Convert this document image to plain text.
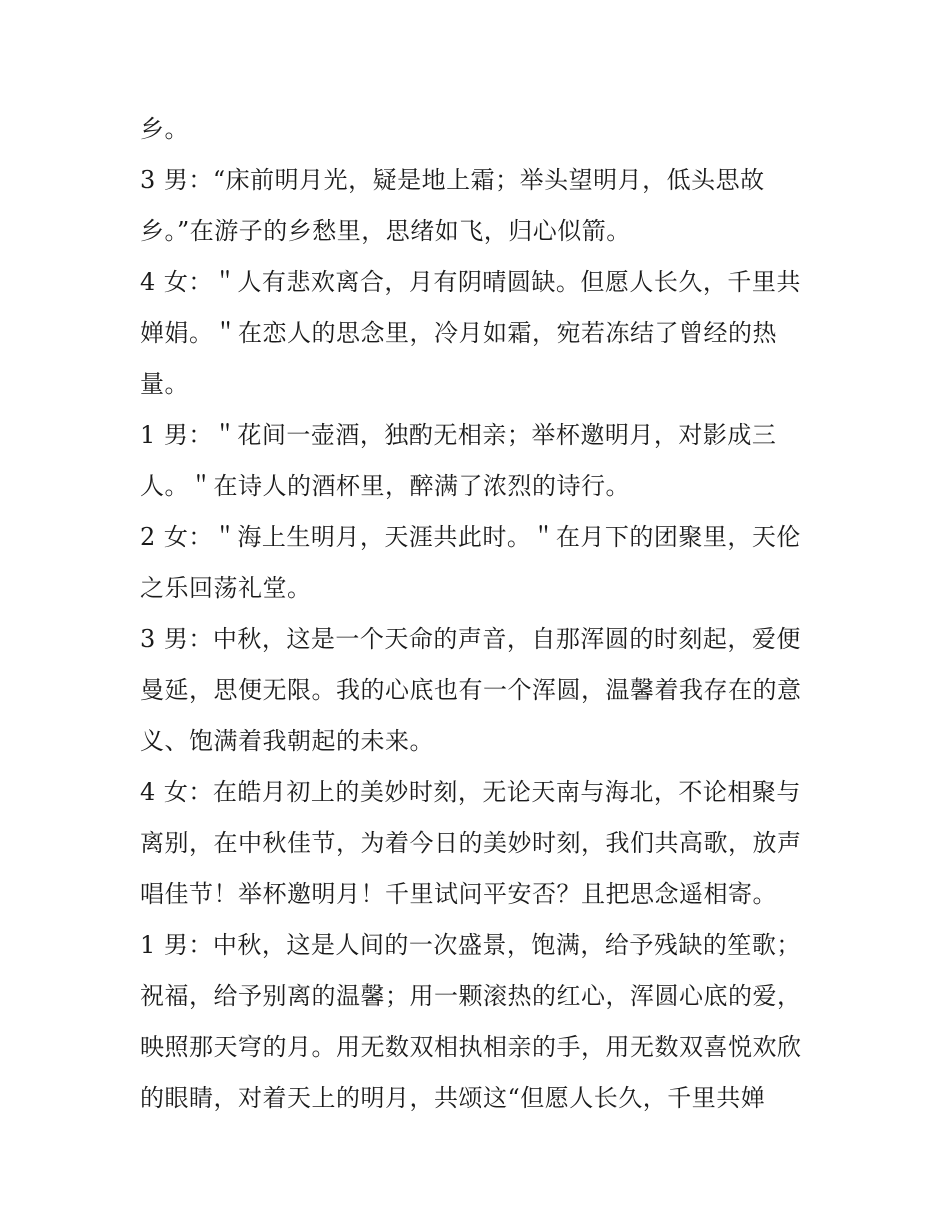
乡。
3 男：“床前明月光，疑是地上霜；举头望明月，低头思故
乡。”在游子的乡愁里，思绪如飞，归心似箭。
4 女：＂人有悲欢离合，月有阴晴圆缺。但愿人长久，千里共
婵娟。＂在恋人的思念里，冷月如霜，宛若冻结了曾经的热
量。
1 男：＂花间一壶酒，独酌无相亲；举杯邀明月，对影成三
人。＂在诗人的酒杯里，醉满了浓烈的诗行。
2 女：＂海上生明月，天涯共此时。＂在月下的团聚里，天伦
之乐回荡礼堂。
3 男：中秋，这是一个天命的声音，自那浑圆的时刻起，爱便
曼延，思便无限。我的心底也有一个浑圆，温馨着我存在的意
义、饱满着我朝起的未来。
4 女：在皓月初上的美妙时刻，无论天南与海北，不论相聚与
离别，在中秋佳节，为着今日的美妙时刻，我们共高歌，放声
唱佳节！举杯邀明月！千里试问平安否？且把思念遥相寄。
1 男：中秋，这是人间的一次盛景，饱满，给予残缺的笙歌；
祝福，给予别离的温馨；用一颗滚热的红心，浑圆心底的爱，
映照那天穹的月。用无数双相执相亲的手，用无数双喜悦欢欣
的眼睛，对着天上的明月，共颂这“但愿人长久，千里共婵
